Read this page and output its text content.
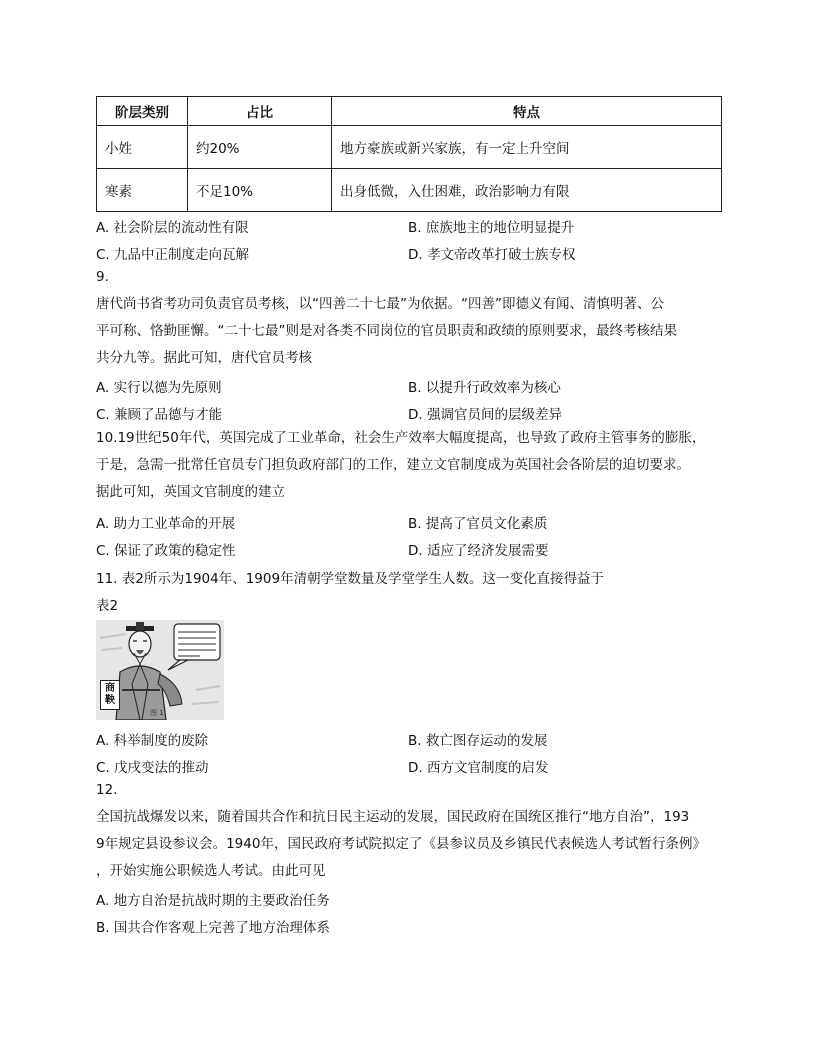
阶层类别	占比	特点
小姓	约20%	地方豪族或新兴家族，有一定上升空间
寒素	不足10%	出身低微，入仕困难，政治影响力有限
A. 社会阶层的流动性有限	B. 庶族地主的地位明显提升
C. 九品中正制度走向瓦解	D. 孝文帝改革打破士族专权
9.
唐代尚书省考功司负责官员考核，以“四善二十七最”为依据。“四善”即德义有闻、清慎明著、公
平可称、恪勤匪懈。“二十七最”则是对各类不同岗位的官员职责和政绩的原则要求，最终考核结果
共分九等。据此可知，唐代官员考核
A. 实行以德为先原则	B. 以提升行政效率为核心
C. 兼顾了品德与才能	D. 强调官员间的层级差异
10.19世纪50年代，英国完成了工业革命，社会生产效率大幅度提高，也导致了政府主管事务的膨胀，
于是，急需一批常任官员专门担负政府部门的工作，建立文官制度成为英国社会各阶层的迫切要求。
据此可知，英国文官制度的建立
A. 助力工业革命的开展	B. 提高了官员文化素质
C. 保证了政策的稳定性	D. 适应了经济发展需要
11. 表2所示为1904年、1909年清朝学堂数量及学堂学生人数。这一变化直接得益于
表2
商鞅
图 1
A. 科举制度的废除	B. 救亡图存运动的发展
C. 戊戌变法的推动	D. 西方文官制度的启发
12.
全国抗战爆发以来，随着国共合作和抗日民主运动的发展，国民政府在国统区推行“地方自治”，193
9年规定县设参议会。1940年，国民政府考试院拟定了《县参议员及乡镇民代表候选人考试暂行条例》
，开始实施公职候选人考试。由此可见
A. 地方自治是抗战时期的主要政治任务
B. 国共合作客观上完善了地方治理体系
